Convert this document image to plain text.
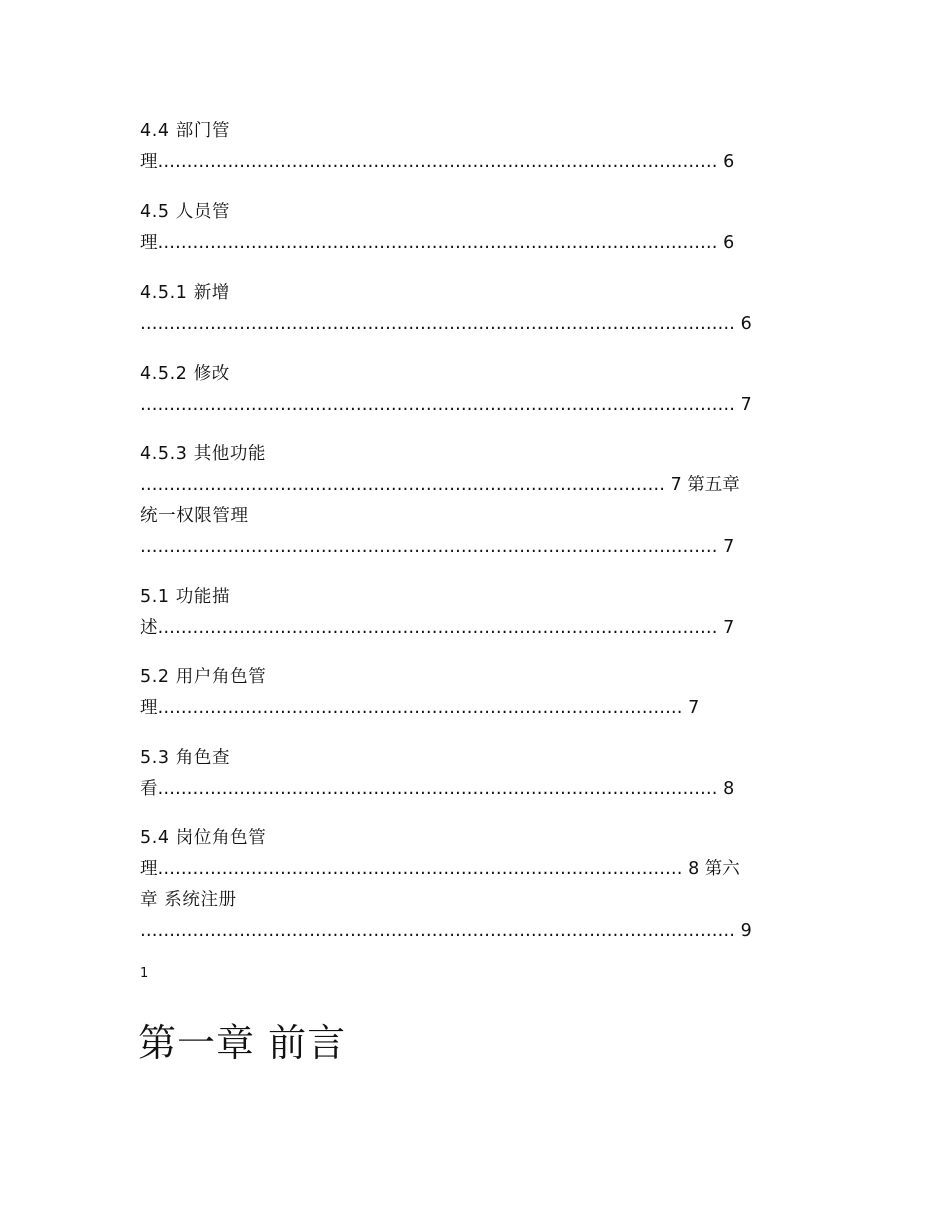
4.4 部门管
理…………………………………………………………………………………… 6
4.5 人员管
理…………………………………………………………………………………… 6
4.5.1 新增
………………………………………………………………………………………… 6
4.5.2 修改
………………………………………………………………………………………… 7
4.5.3 其他功能
……………………………………………………………………………… 7 第五章
统一权限管理
……………………………………………………………………………………… 7
5.1 功能描
述…………………………………………………………………………………… 7
5.2 用户角色管
理……………………………………………………………………………… 7
5.3 角色查
看…………………………………………………………………………………… 8
5.4 岗位角色管
理……………………………………………………………………………… 8 第六
章 系统注册
………………………………………………………………………………………… 9
1
第一章 前言
